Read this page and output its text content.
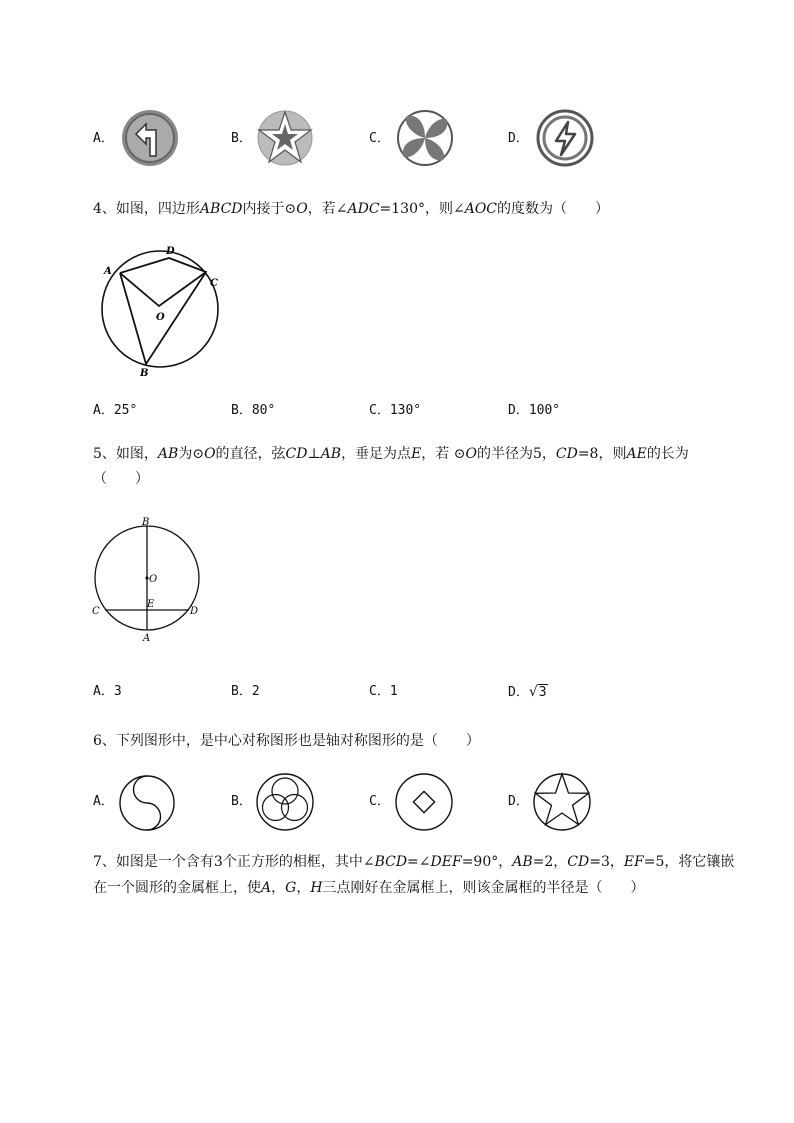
A．	B．	C．	D．
4、如图，四边形ABCD内接于⊙O，若∠ADC=130°，则∠AOC的度数为（　　）
A
D
C
O
B
A．25°	B．80°	C．130°	D．100°
5、如图，AB为⊙O的直径，弦CD⊥AB，垂足为点E，若 ⊙O的半径为5，CD=8，则AE的长为
（　　）
B
O
E
C	D
A
A．3	B．2	C．1	D．√3
6、下列图形中，是中心对称图形也是轴对称图形的是（　　）
A．	B．	C．	D．
7、如图是一个含有3个正方形的相框，其中∠BCD=∠DEF=90°，AB=2，CD=3，EF=5，将它镶嵌
在一个圆形的金属框上，使A，G，H三点刚好在金属框上，则该金属框的半径是（　　）
